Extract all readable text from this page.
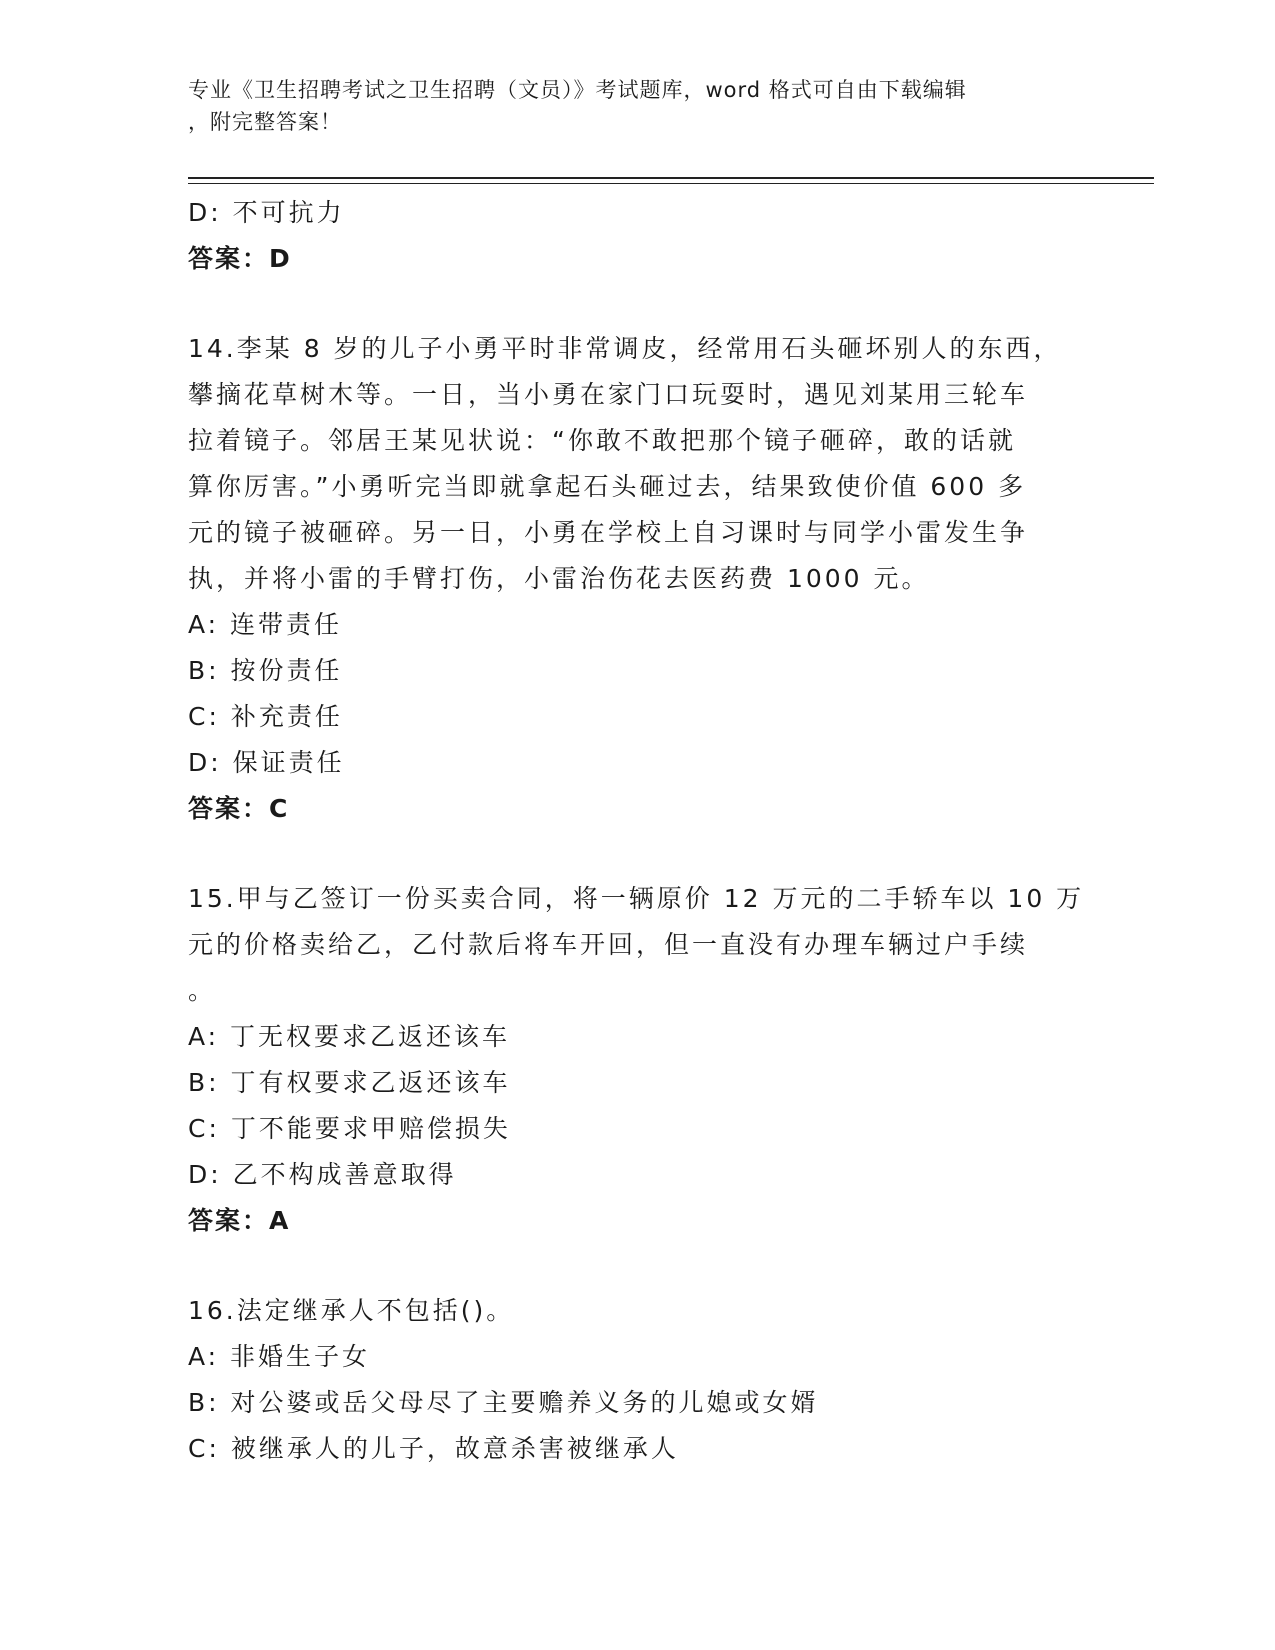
专业《卫生招聘考试之卫生招聘（文员）》考试题库，word 格式可自由下载编辑
，附完整答案！
D: 不可抗力
答案：D
14.李某 8 岁的儿子小勇平时非常调皮，经常用石头砸坏别人的东西，
攀摘花草树木等。一日，当小勇在家门口玩耍时，遇见刘某用三轮车
拉着镜子。邻居王某见状说：“你敢不敢把那个镜子砸碎，敢的话就
算你厉害。”小勇听完当即就拿起石头砸过去，结果致使价值 600 多
元的镜子被砸碎。另一日，小勇在学校上自习课时与同学小雷发生争
执，并将小雷的手臂打伤，小雷治伤花去医药费 1000 元。
A: 连带责任
B: 按份责任
C: 补充责任
D: 保证责任
答案：C
15.甲与乙签订一份买卖合同，将一辆原价 12 万元的二手轿车以 10 万
元的价格卖给乙，乙付款后将车开回，但一直没有办理车辆过户手续
。
A: 丁无权要求乙返还该车
B: 丁有权要求乙返还该车
C: 丁不能要求甲赔偿损失
D: 乙不构成善意取得
答案：A
16.法定继承人不包括()。
A: 非婚生子女
B: 对公婆或岳父母尽了主要赡养义务的儿媳或女婿
C: 被继承人的儿子，故意杀害被继承人
